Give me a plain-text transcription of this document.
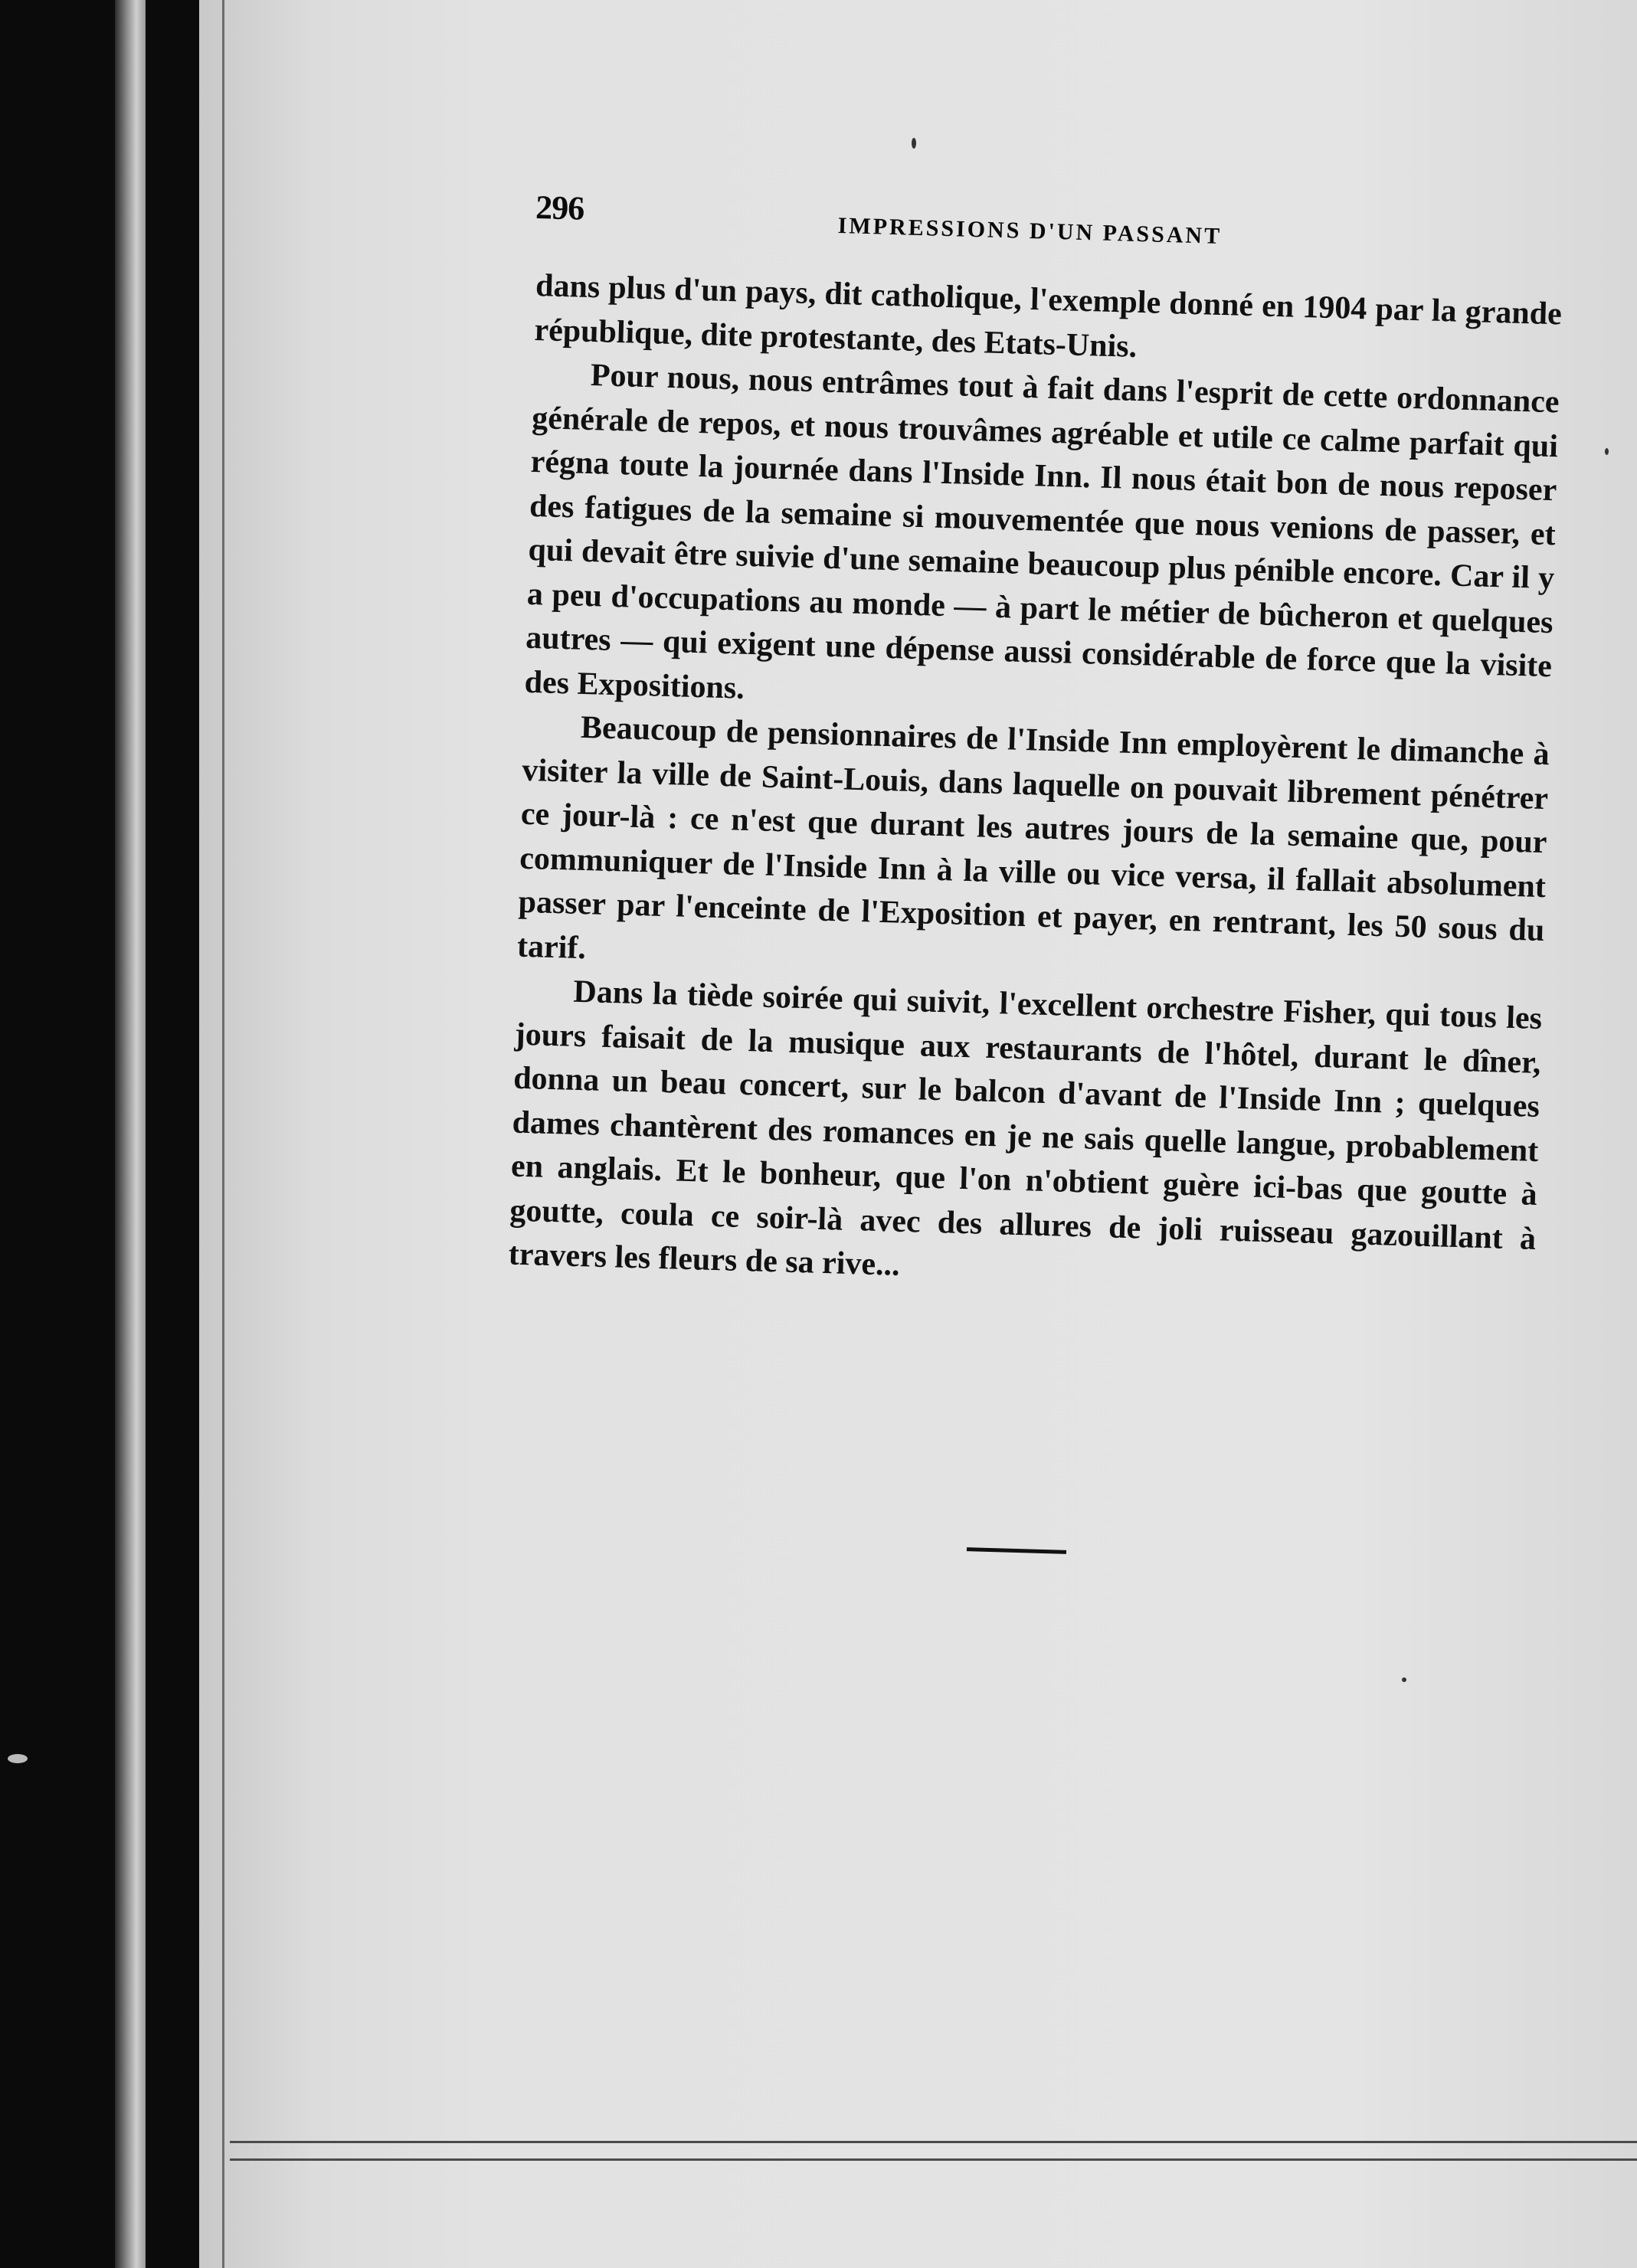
296
IMPRESSIONS D'UN PASSANT

dans plus d'un pays, dit catholique, l'exemple donné en 1904 par la grande république, dite protestante, des Etats-Unis.

Pour nous, nous entrâmes tout à fait dans l'esprit de cette ordonnance générale de repos, et nous trouvâmes agréable et utile ce calme parfait qui régna toute la journée dans l'Inside Inn. Il nous était bon de nous reposer des fatigues de la semaine si mouvementée que nous venions de passer, et qui devait être suivie d'une semaine beaucoup plus pénible encore. Car il y a peu d'occupations au monde — à part le métier de bûcheron et quelques autres — qui exigent une dépense aussi considérable de force que la visite des Expositions.

Beaucoup de pensionnaires de l'Inside Inn employèrent le dimanche à visiter la ville de Saint-Louis, dans laquelle on pouvait librement pénétrer ce jour-là : ce n'est que durant les autres jours de la semaine que, pour communiquer de l'Inside Inn à la ville ou vice versa, il fallait absolument passer par l'enceinte de l'Exposition et payer, en rentrant, les 50 sous du tarif.

Dans la tiède soirée qui suivit, l'excellent orchestre Fisher, qui tous les jours faisait de la musique aux restaurants de l'hôtel, durant le dîner, donna un beau concert, sur le balcon d'avant de l'Inside Inn ; quelques dames chantèrent des romances en je ne sais quelle langue, probablement en anglais. Et le bonheur, que l'on n'obtient guère ici-bas que goutte à goutte, coula ce soir-là avec des allures de joli ruisseau gazouillant à travers les fleurs de sa rive...
